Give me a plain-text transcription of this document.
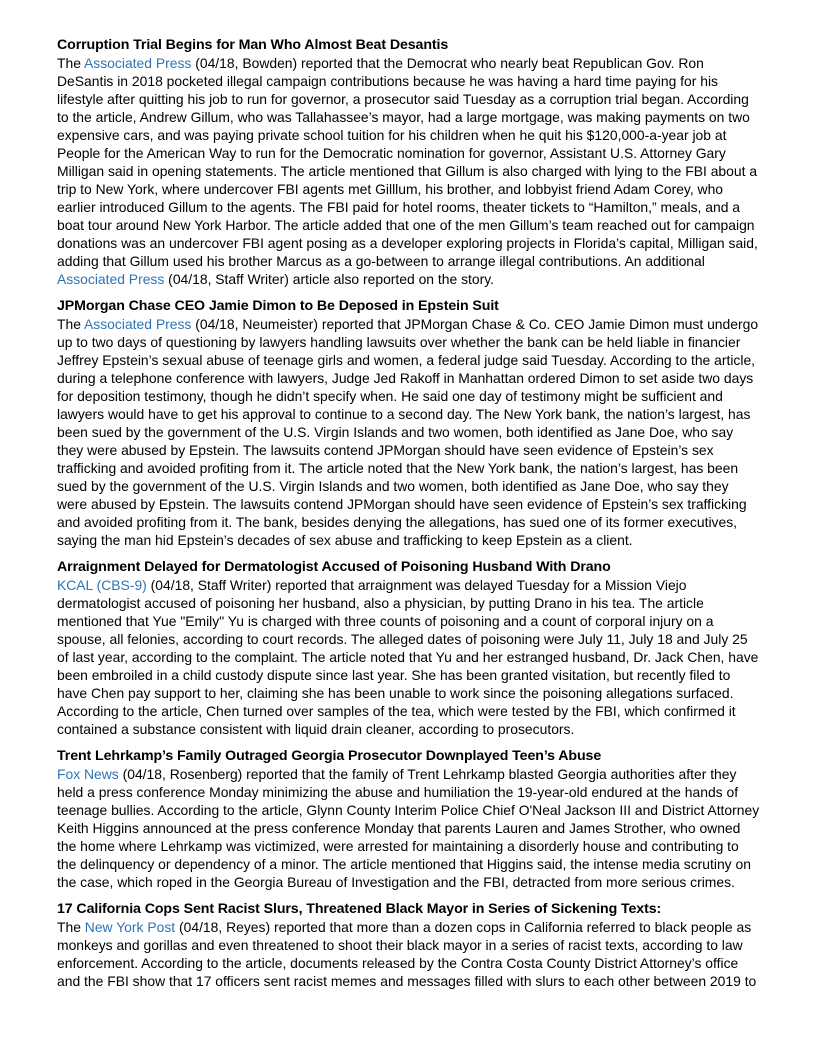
Corruption Trial Begins for Man Who Almost Beat Desantis

The Associated Press (04/18, Bowden) reported that the Democrat who nearly beat Republican Gov. Ron DeSantis in 2018 pocketed illegal campaign contributions because he was having a hard time paying for his lifestyle after quitting his job to run for governor, a prosecutor said Tuesday as a corruption trial began. According to the article, Andrew Gillum, who was Tallahassee’s mayor, had a large mortgage, was making payments on two expensive cars, and was paying private school tuition for his children when he quit his $120,000-a-year job at People for the American Way to run for the Democratic nomination for governor, Assistant U.S. Attorney Gary Milligan said in opening statements. The article mentioned that Gillum is also charged with lying to the FBI about a trip to New York, where undercover FBI agents met Gilllum, his brother, and lobbyist friend Adam Corey, who earlier introduced Gillum to the agents. The FBI paid for hotel rooms, theater tickets to “Hamilton,” meals, and a boat tour around New York Harbor. The article added that one of the men Gillum’s team reached out for campaign donations was an undercover FBI agent posing as a developer exploring projects in Florida’s capital, Milligan said, adding that Gillum used his brother Marcus as a go-between to arrange illegal contributions. An additional Associated Press (04/18, Staff Writer) article also reported on the story.

JPMorgan Chase CEO Jamie Dimon to Be Deposed in Epstein Suit

The Associated Press (04/18, Neumeister) reported that JPMorgan Chase & Co. CEO Jamie Dimon must undergo up to two days of questioning by lawyers handling lawsuits over whether the bank can be held liable in financier Jeffrey Epstein’s sexual abuse of teenage girls and women, a federal judge said Tuesday. According to the article, during a telephone conference with lawyers, Judge Jed Rakoff in Manhattan ordered Dimon to set aside two days for deposition testimony, though he didn’t specify when. He said one day of testimony might be sufficient and lawyers would have to get his approval to continue to a second day. The New York bank, the nation’s largest, has been sued by the government of the U.S. Virgin Islands and two women, both identified as Jane Doe, who say they were abused by Epstein. The lawsuits contend JPMorgan should have seen evidence of Epstein’s sex trafficking and avoided profiting from it. The article noted that the New York bank, the nation’s largest, has been sued by the government of the U.S. Virgin Islands and two women, both identified as Jane Doe, who say they were abused by Epstein. The lawsuits contend JPMorgan should have seen evidence of Epstein’s sex trafficking and avoided profiting from it. The bank, besides denying the allegations, has sued one of its former executives, saying the man hid Epstein’s decades of sex abuse and trafficking to keep Epstein as a client.

Arraignment Delayed for Dermatologist Accused of Poisoning Husband With Drano

KCAL (CBS-9) (04/18, Staff Writer) reported that arraignment was delayed Tuesday for a Mission Viejo dermatologist accused of poisoning her husband, also a physician, by putting Drano in his tea. The article mentioned that Yue "Emily" Yu is charged with three counts of poisoning and a count of corporal injury on a spouse, all felonies, according to court records. The alleged dates of poisoning were July 11, July 18 and July 25 of last year, according to the complaint. The article noted that Yu and her estranged husband, Dr. Jack Chen, have been embroiled in a child custody dispute since last year. She has been granted visitation, but recently filed to have Chen pay support to her, claiming she has been unable to work since the poisoning allegations surfaced. According to the article, Chen turned over samples of the tea, which were tested by the FBI, which confirmed it contained a substance consistent with liquid drain cleaner, according to prosecutors.

Trent Lehrkamp’s Family Outraged Georgia Prosecutor Downplayed Teen’s Abuse

Fox News (04/18, Rosenberg) reported that the family of Trent Lehrkamp blasted Georgia authorities after they held a press conference Monday minimizing the abuse and humiliation the 19-year-old endured at the hands of teenage bullies. According to the article, Glynn County Interim Police Chief O'Neal Jackson III and District Attorney Keith Higgins announced at the press conference Monday that parents Lauren and James Strother, who owned the home where Lehrkamp was victimized, were arrested for maintaining a disorderly house and contributing to the delinquency or dependency of a minor. The article mentioned that Higgins said, the intense media scrutiny on the case, which roped in the Georgia Bureau of Investigation and the FBI, detracted from more serious crimes.

17 California Cops Sent Racist Slurs, Threatened Black Mayor in Series of Sickening Texts:

The New York Post (04/18, Reyes) reported that more than a dozen cops in California referred to black people as monkeys and gorillas and even threatened to shoot their black mayor in a series of racist texts, according to law enforcement. According to the article, documents released by the Contra Costa County District Attorney’s office and the FBI show that 17 officers sent racist memes and messages filled with slurs to each other between 2019 to
